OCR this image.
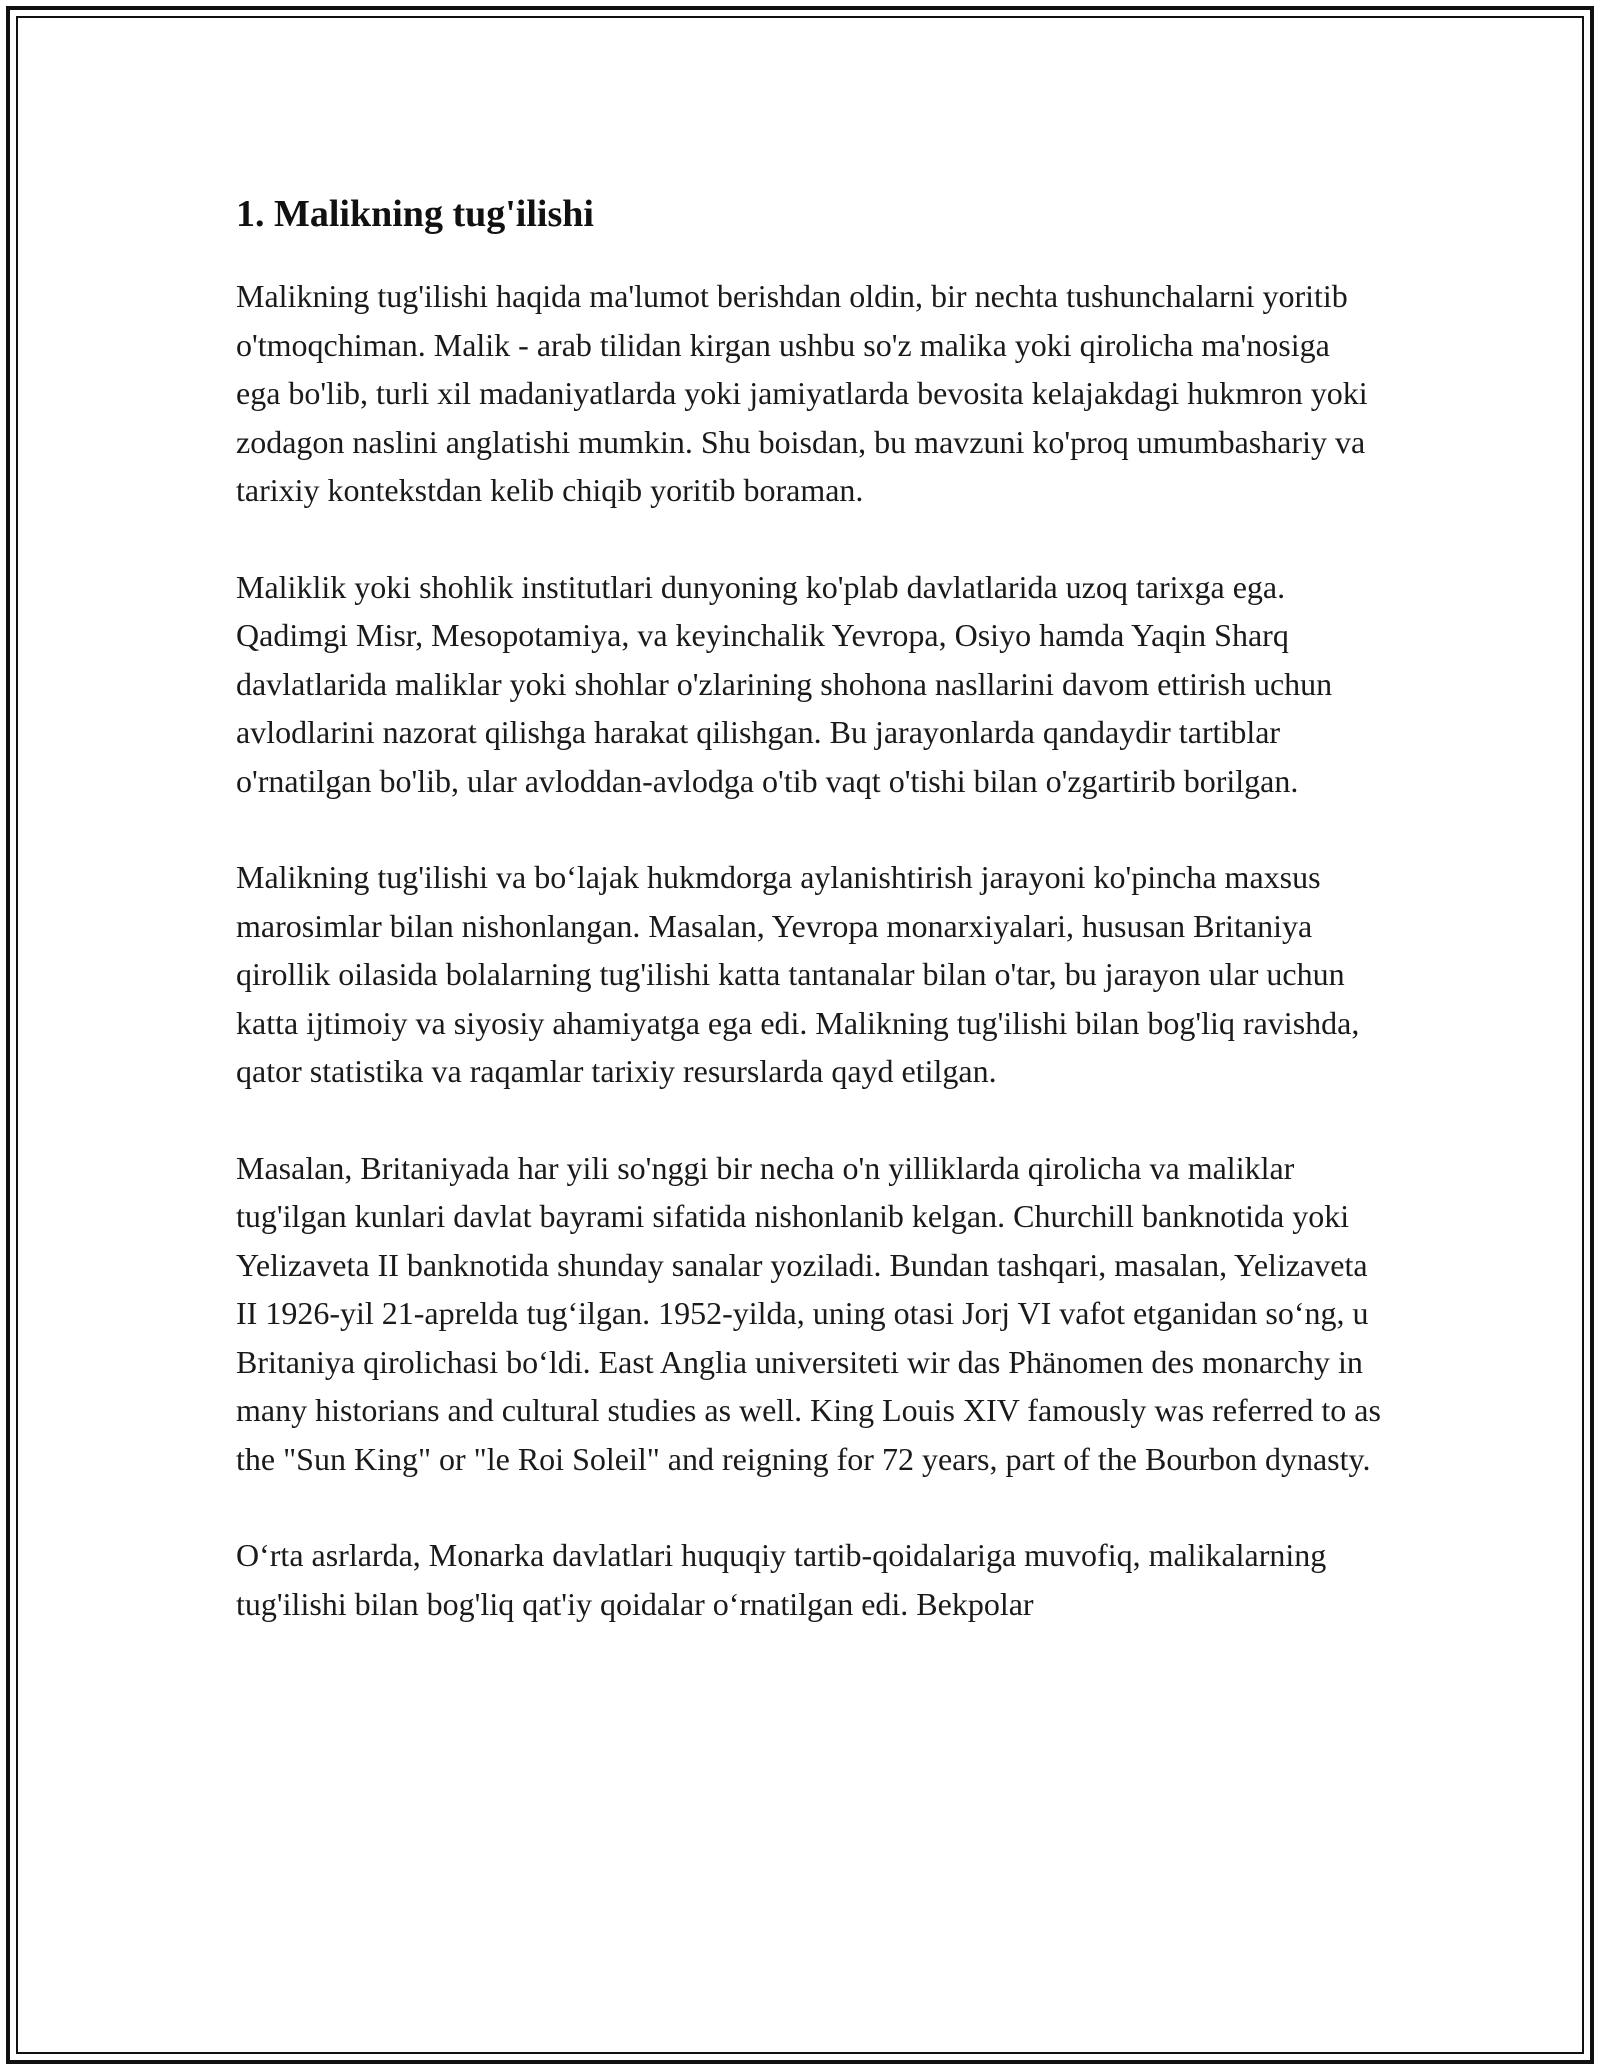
1. Malikning tug'ilishi

Malikning tug'ilishi haqida ma'lumot berishdan oldin, bir nechta tushunchalarni yoritib o'tmoqchiman. Malik - arab tilidan kirgan ushbu so'z malika yoki qirolicha ma'nosiga ega bo'lib, turli xil madaniyatlarda yoki jamiyatlarda bevosita kelajakdagi hukmron yoki zodagon naslini anglatishi mumkin. Shu boisdan, bu mavzuni ko'proq umumbashariy va tarixiy kontekstdan kelib chiqib yoritib boraman.

Maliklik yoki shohlik institutlari dunyoning ko'plab davlatlarida uzoq tarixga ega. Qadimgi Misr, Mesopotamiya, va keyinchalik Yevropa, Osiyo hamda Yaqin Sharq davlatlarida maliklar yoki shohlar o'zlarining shohona nasllarini davom ettirish uchun avlodlarini nazorat qilishga harakat qilishgan. Bu jarayonlarda qandaydir tartiblar o'rnatilgan bo'lib, ular avloddan-avlodga o'tib vaqt o'tishi bilan o'zgartirib borilgan.

Malikning tug'ilishi va bo‘lajak hukmdorga aylanishtirish jarayoni ko'pincha maxsus marosimlar bilan nishonlangan. Masalan, Yevropa monarxiyalari, hususan Britaniya qirollik oilasida bolalarning tug'ilishi katta tantanalar bilan o'tar, bu jarayon ular uchun katta ijtimoiy va siyosiy ahamiyatga ega edi. Malikning tug'ilishi bilan bog'liq ravishda, qator statistika va raqamlar tarixiy resurslarda qayd etilgan.

Masalan, Britaniyada har yili so'nggi bir necha o'n yilliklarda qirolicha va maliklar tug'ilgan kunlari davlat bayrami sifatida nishonlanib kelgan. Churchill banknotida yoki Yelizaveta II banknotida shunday sanalar yoziladi. Bundan tashqari, masalan, Yelizaveta II 1926-yil 21-aprelda tug‘ilgan. 1952-yilda, uning otasi Jorj VI vafot etganidan so‘ng, u Britaniya qirolichasi bo‘ldi. East Anglia universiteti wir das Phänomen des monarchy in many historians and cultural studies as well. King Louis XIV famously was referred to as the "Sun King" or "le Roi Soleil" and reigning for 72 years, part of the Bourbon dynasty.

O‘rta asrlarda, Monarka davlatlari huquqiy tartib-qoidalariga muvofiq, malikalarning tug'ilishi bilan bog'liq qat'iy qoidalar o‘rnatilgan edi. Bekpolar
